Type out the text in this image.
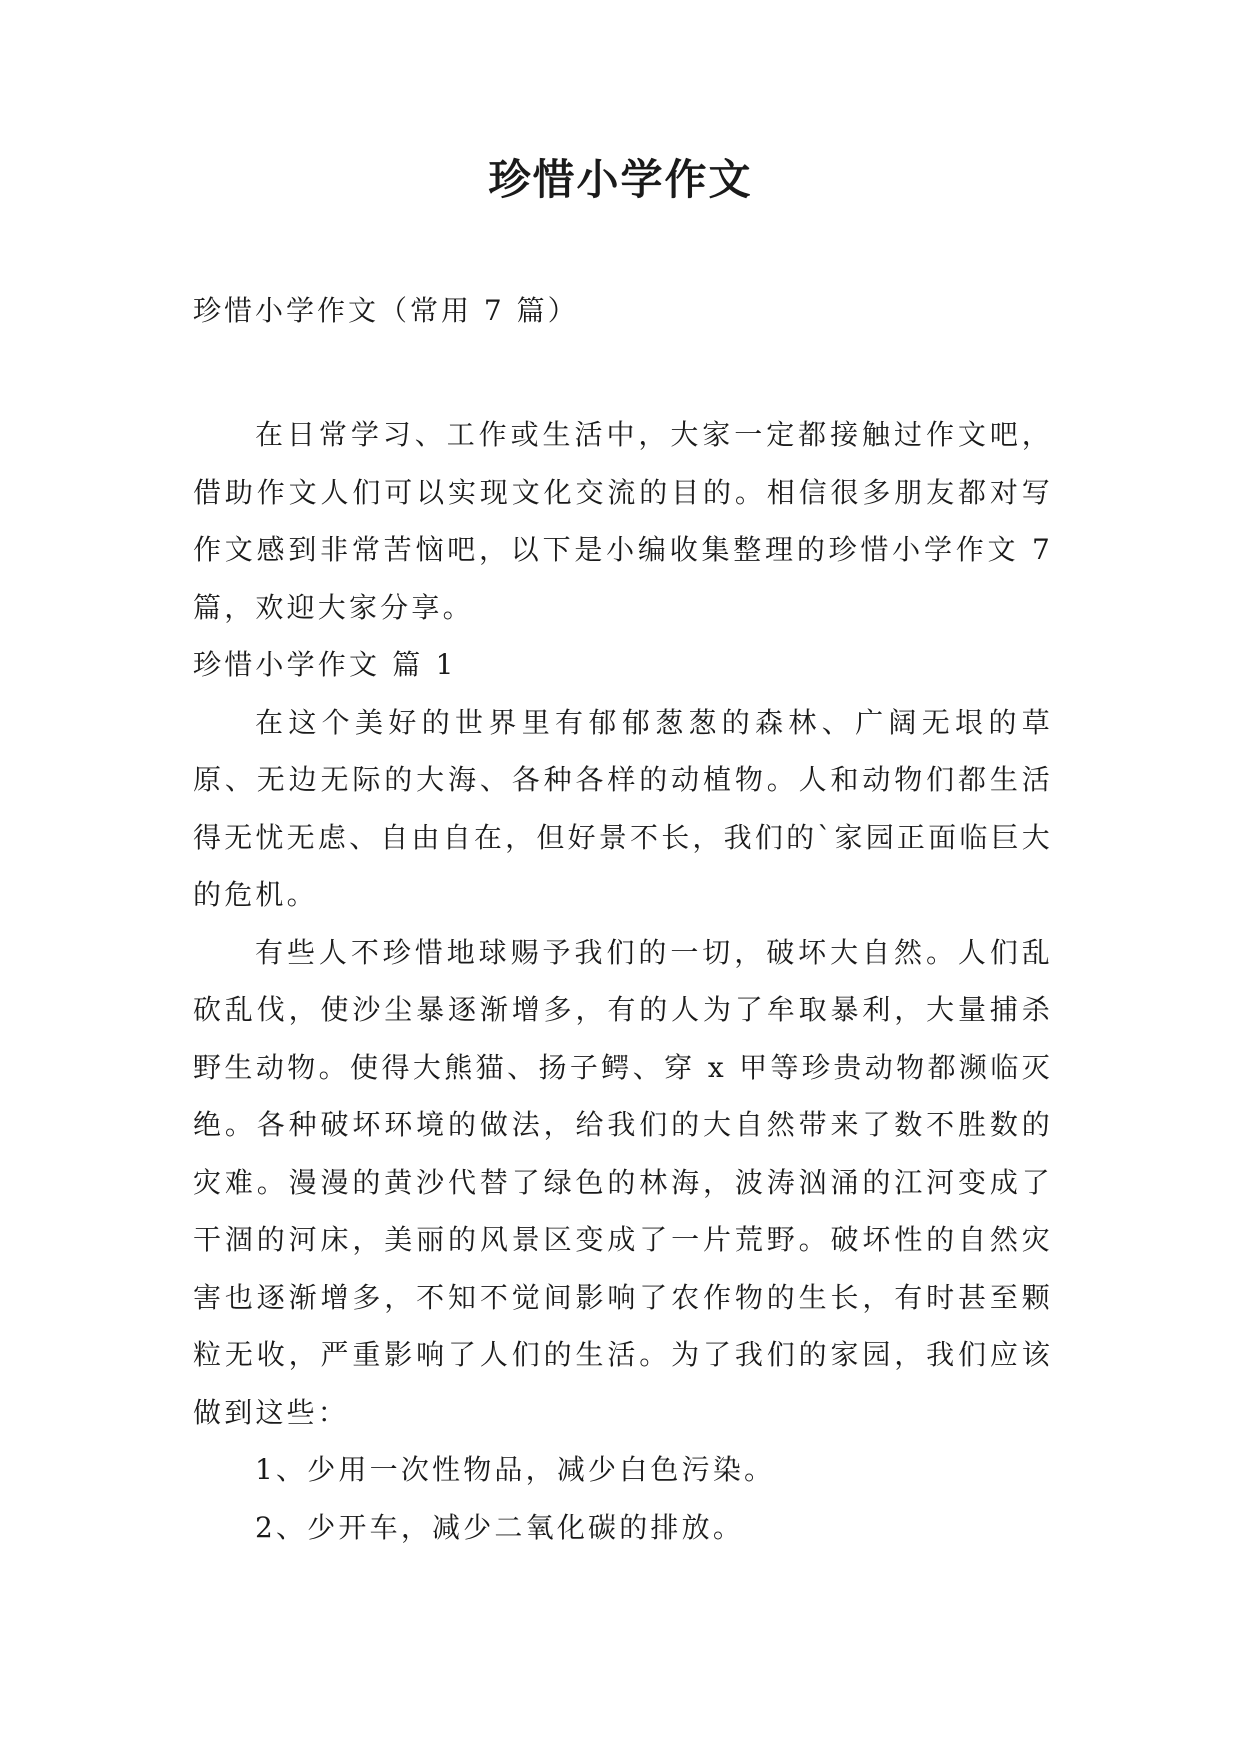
珍惜小学作文
珍惜小学作文（常用 7 篇）

在日常学习、工作或生活中，大家一定都接触过作文吧，借助作文人们可以实现文化交流的目的。相信很多朋友都对写作文感到非常苦恼吧，以下是小编收集整理的珍惜小学作文 7 篇，欢迎大家分享。

珍惜小学作文 篇 1

在这个美好的世界里有郁郁葱葱的森林、广阔无垠的草原、无边无际的大海、各种各样的动植物。人和动物们都生活得无忧无虑、自由自在，但好景不长，我们的`家园正面临巨大的危机。

有些人不珍惜地球赐予我们的一切，破坏大自然。人们乱砍乱伐，使沙尘暴逐渐增多，有的人为了牟取暴利，大量捕杀野生动物。使得大熊猫、扬子鳄、穿 x 甲等珍贵动物都濒临灭绝。各种破坏环境的做法，给我们的大自然带来了数不胜数的灾难。漫漫的黄沙代替了绿色的林海，波涛汹涌的江河变成了干涸的河床，美丽的风景区变成了一片荒野。破坏性的自然灾害也逐渐增多，不知不觉间影响了农作物的生长，有时甚至颗粒无收，严重影响了人们的生活。为了我们的家园，我们应该做到这些：

1、少用一次性物品，减少白色污染。

2、少开车，减少二氧化碳的排放。
